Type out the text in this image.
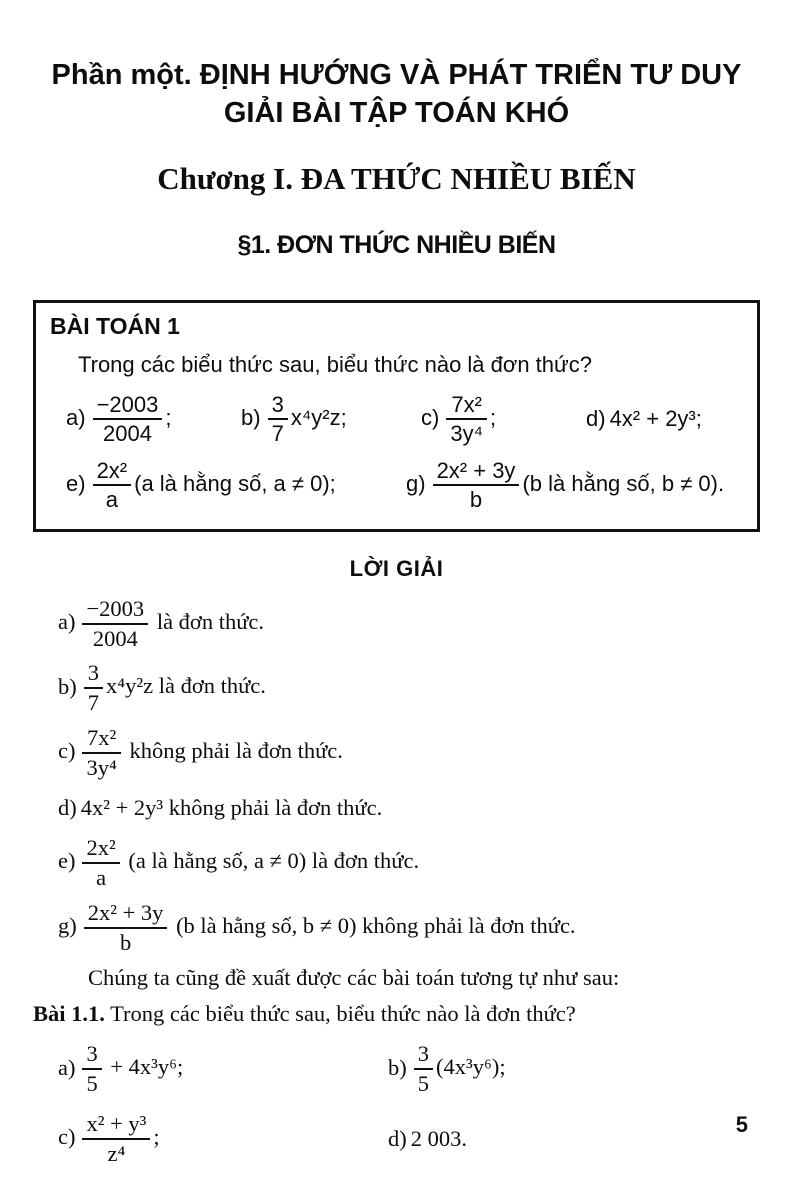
Phần một. ĐỊNH HƯỚNG VÀ PHÁT TRIỂN TƯ DUY
GIẢI BÀI TẬP TOÁN KHÓ
Chương I. ĐA THỨC NHIỀU BIẾN
§1. ĐƠN THỨC NHIỀU BIẾN
BÀI TOÁN 1
Trong các biểu thức sau, biểu thức nào là đơn thức?
$a) \frac{-2003}{2004}$ ;	$b) \frac{3}{7} x^4y^2z$;	$c) \frac{\text{7x²}}{\text{3y⁴}}$ ;	d) 4x² + 2y³;
$e) \frac{\text{2x²}}{a} (a$ là hằng số, a ≠ 0);	$g) \frac{\text{2x² + 3y}}{b} (b$ là hằng số, b ≠ 0).
LỜI GIẢI
$a) \frac{-2003}{2004}$ là đơn thức.
$b) \frac{3}{7} x^4y^2z$ là đơn thức.
$c) \frac{\text{7x²}}{\text{3y⁴}}$ không phải là đơn thức.
d) 4x² + 2y³ không phải là đơn thức.
$e) \frac{\text{2x²}}{a} (a$ là hằng số, a ≠ 0) là đơn thức.
$g) \frac{\text{2x² + 3y}}{b} (b$ là hằng số, b ≠ 0) không phải là đơn thức.
Chúng ta cũng đề xuất được các bài toán tương tự như sau:
Bài 1.1. Trong các biểu thức sau, biểu thức nào là đơn thức?
$a) \frac{3}{5} + 4x^3y^6$;	$b) \frac{3}{5} (4x^3y^6)$;
$c) \frac{\text{x² + y³}}{\text{z⁴}}$ ;	d) 2 003.
5
